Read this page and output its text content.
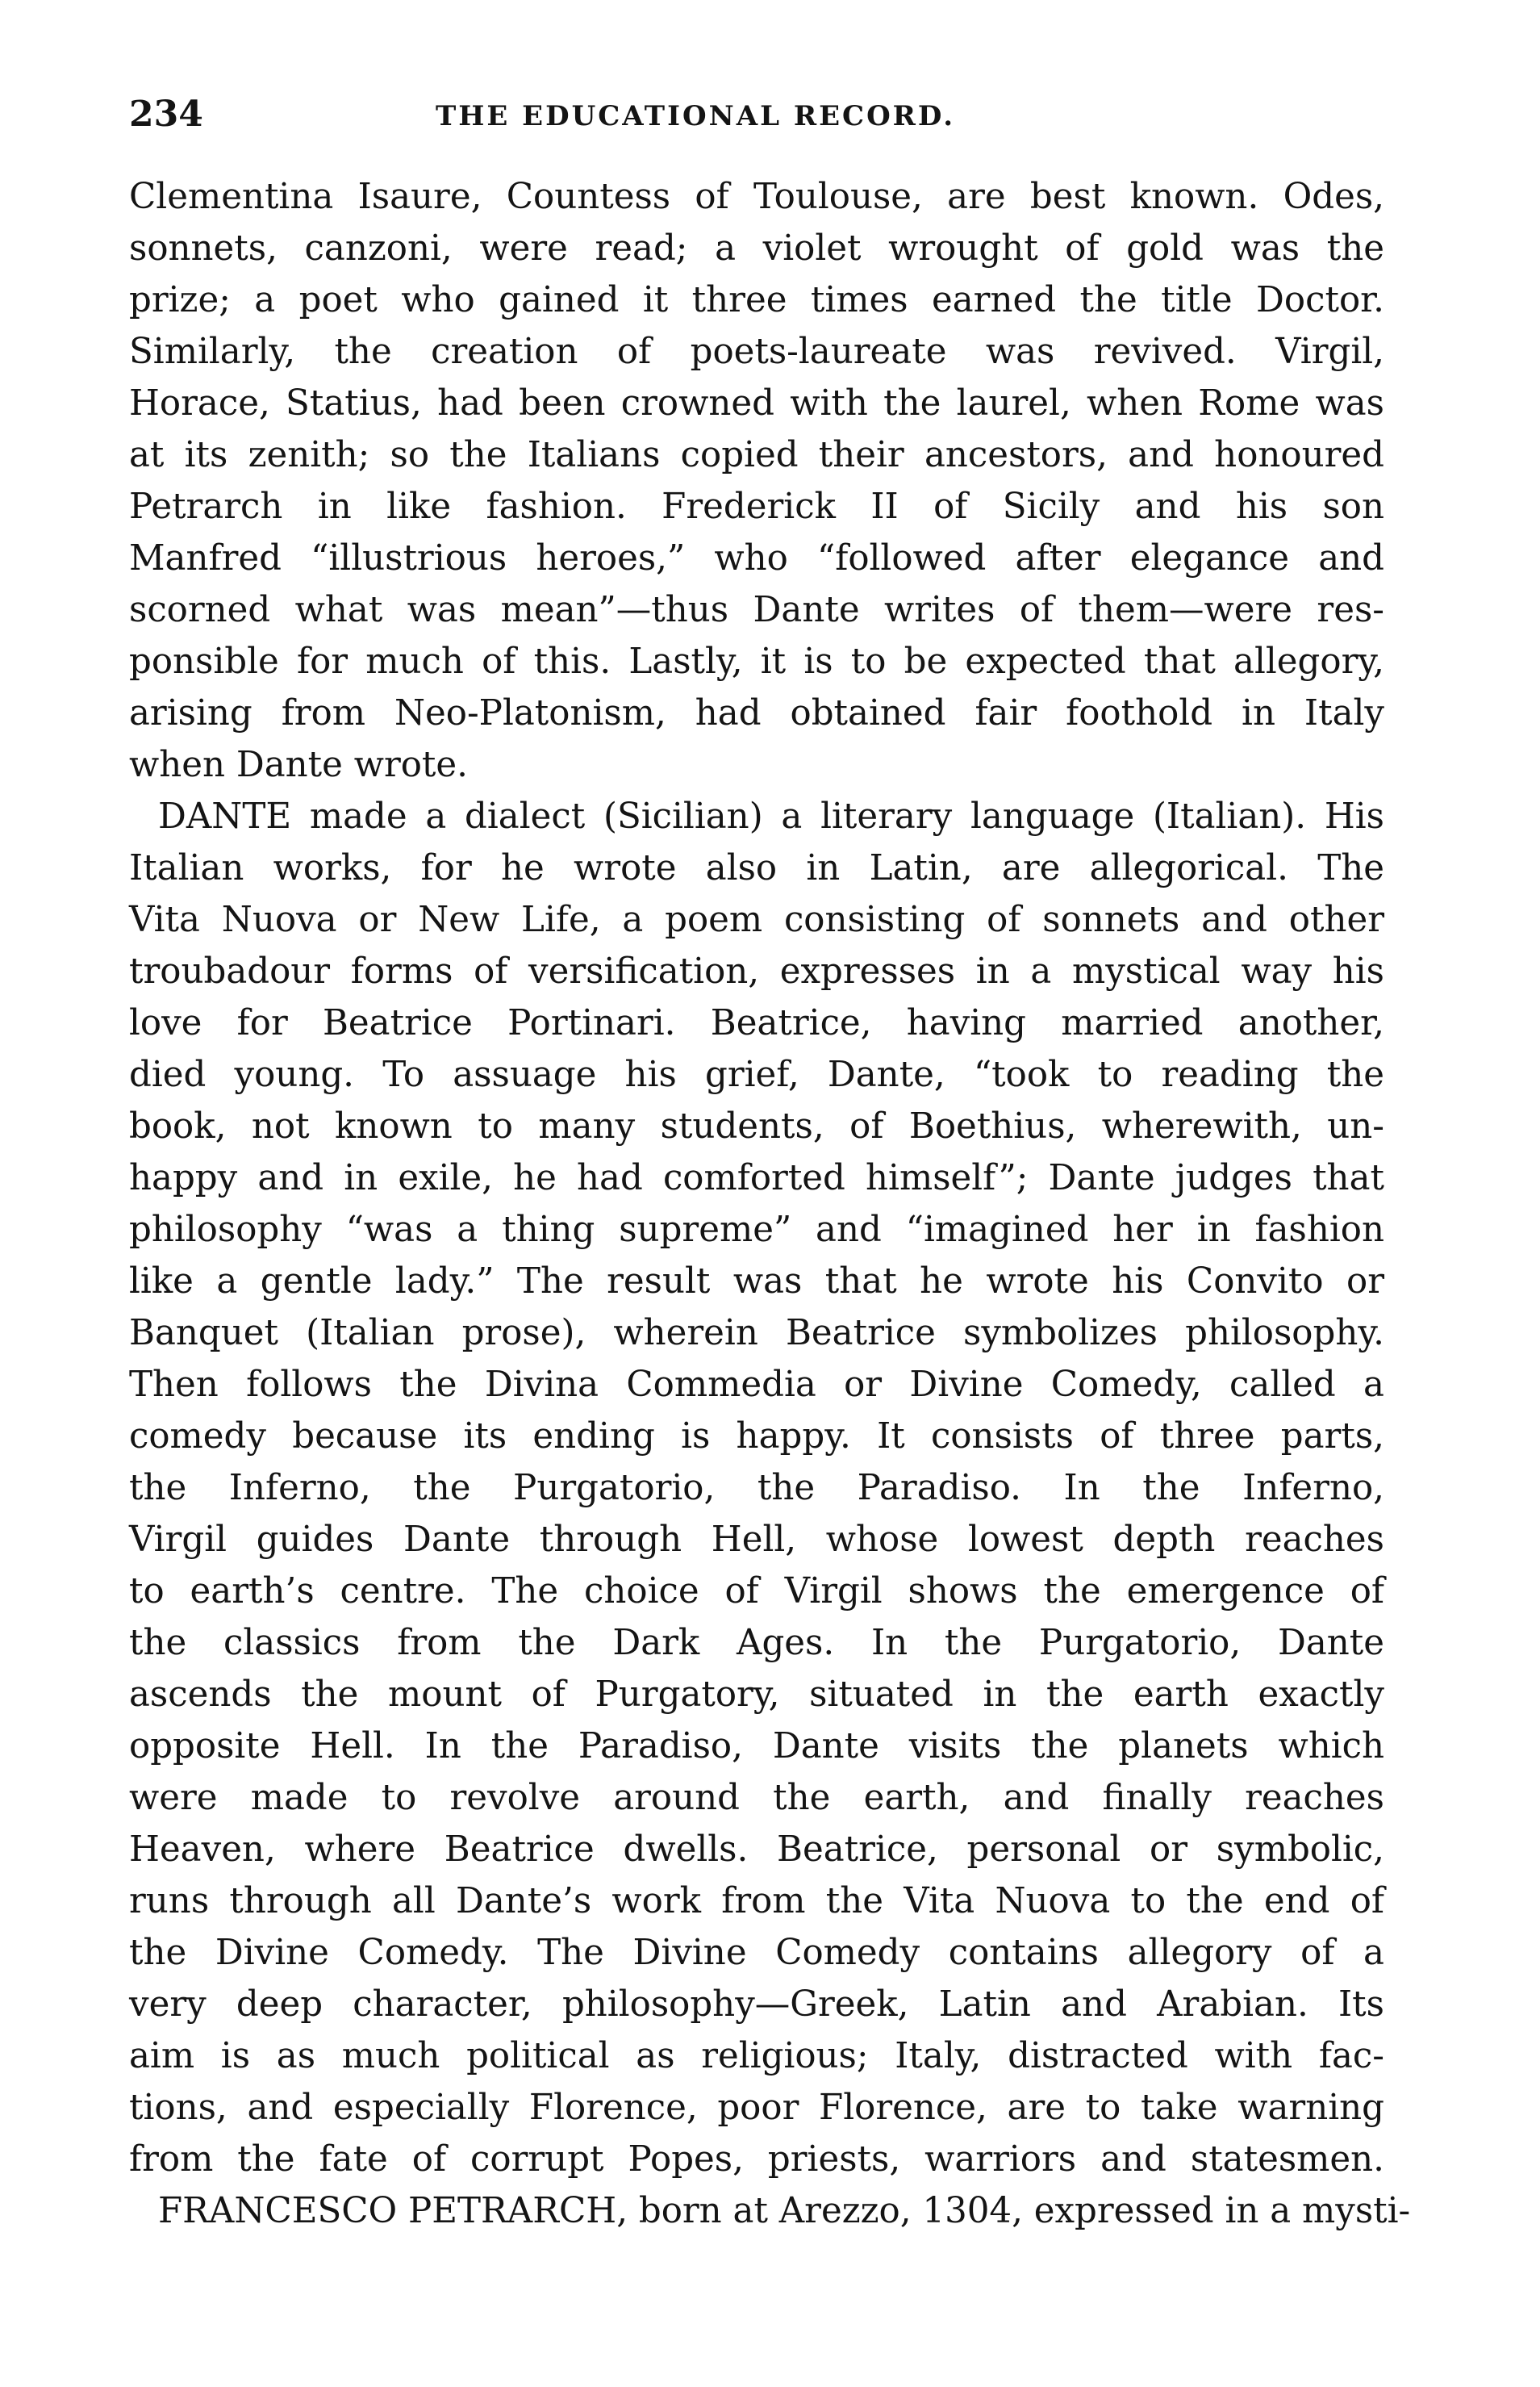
234	THE EDUCATIONAL RECORD.
Clementina Isaure, Countess of Toulouse, are best known. Odes,
sonnets, canzoni, were read; a violet wrought of gold was the
prize; a poet who gained it three times earned the title Doctor.
Similarly, the creation of poets-laureate was revived. Virgil,
Horace, Statius, had been crowned with the laurel, when Rome was
at its zenith; so the Italians copied their ancestors, and honoured
Petrarch in like fashion. Frederick II of Sicily and his son
Manfred “illustrious heroes,” who “followed after elegance and
scorned what was mean”—thus Dante writes of them—were res-
ponsible for much of this. Lastly, it is to be expected that allegory,
arising from Neo-Platonism, had obtained fair foothold in Italy
when Dante wrote.
DANTE made a dialect (Sicilian) a literary language (Italian). His
Italian works, for he wrote also in Latin, are allegorical. The
Vita Nuova or New Life, a poem consisting of sonnets and other
troubadour forms of versification, expresses in a mystical way his
love for Beatrice Portinari. Beatrice, having married another,
died young. To assuage his grief, Dante, “took to reading the
book, not known to many students, of Boethius, wherewith, un-
happy and in exile, he had comforted himself”; Dante judges that
philosophy “was a thing supreme” and “imagined her in fashion
like a gentle lady.” The result was that he wrote his Convito or
Banquet (Italian prose), wherein Beatrice symbolizes philosophy.
Then follows the Divina Commedia or Divine Comedy, called a
comedy because its ending is happy. It consists of three parts,
the Inferno, the Purgatorio, the Paradiso. In the Inferno,
Virgil guides Dante through Hell, whose lowest depth reaches
to earth’s centre. The choice of Virgil shows the emergence of
the classics from the Dark Ages. In the Purgatorio, Dante
ascends the mount of Purgatory, situated in the earth exactly
opposite Hell. In the Paradiso, Dante visits the planets which
were made to revolve around the earth, and finally reaches
Heaven, where Beatrice dwells. Beatrice, personal or symbolic,
runs through all Dante’s work from the Vita Nuova to the end of
the Divine Comedy. The Divine Comedy contains allegory of a
very deep character, philosophy—Greek, Latin and Arabian. Its
aim is as much political as religious; Italy, distracted with fac-
tions, and especially Florence, poor Florence, are to take warning
from the fate of corrupt Popes, priests, warriors and statesmen.
FRANCESCO PETRARCH, born at Arezzo, 1304, expressed in a mysti-
